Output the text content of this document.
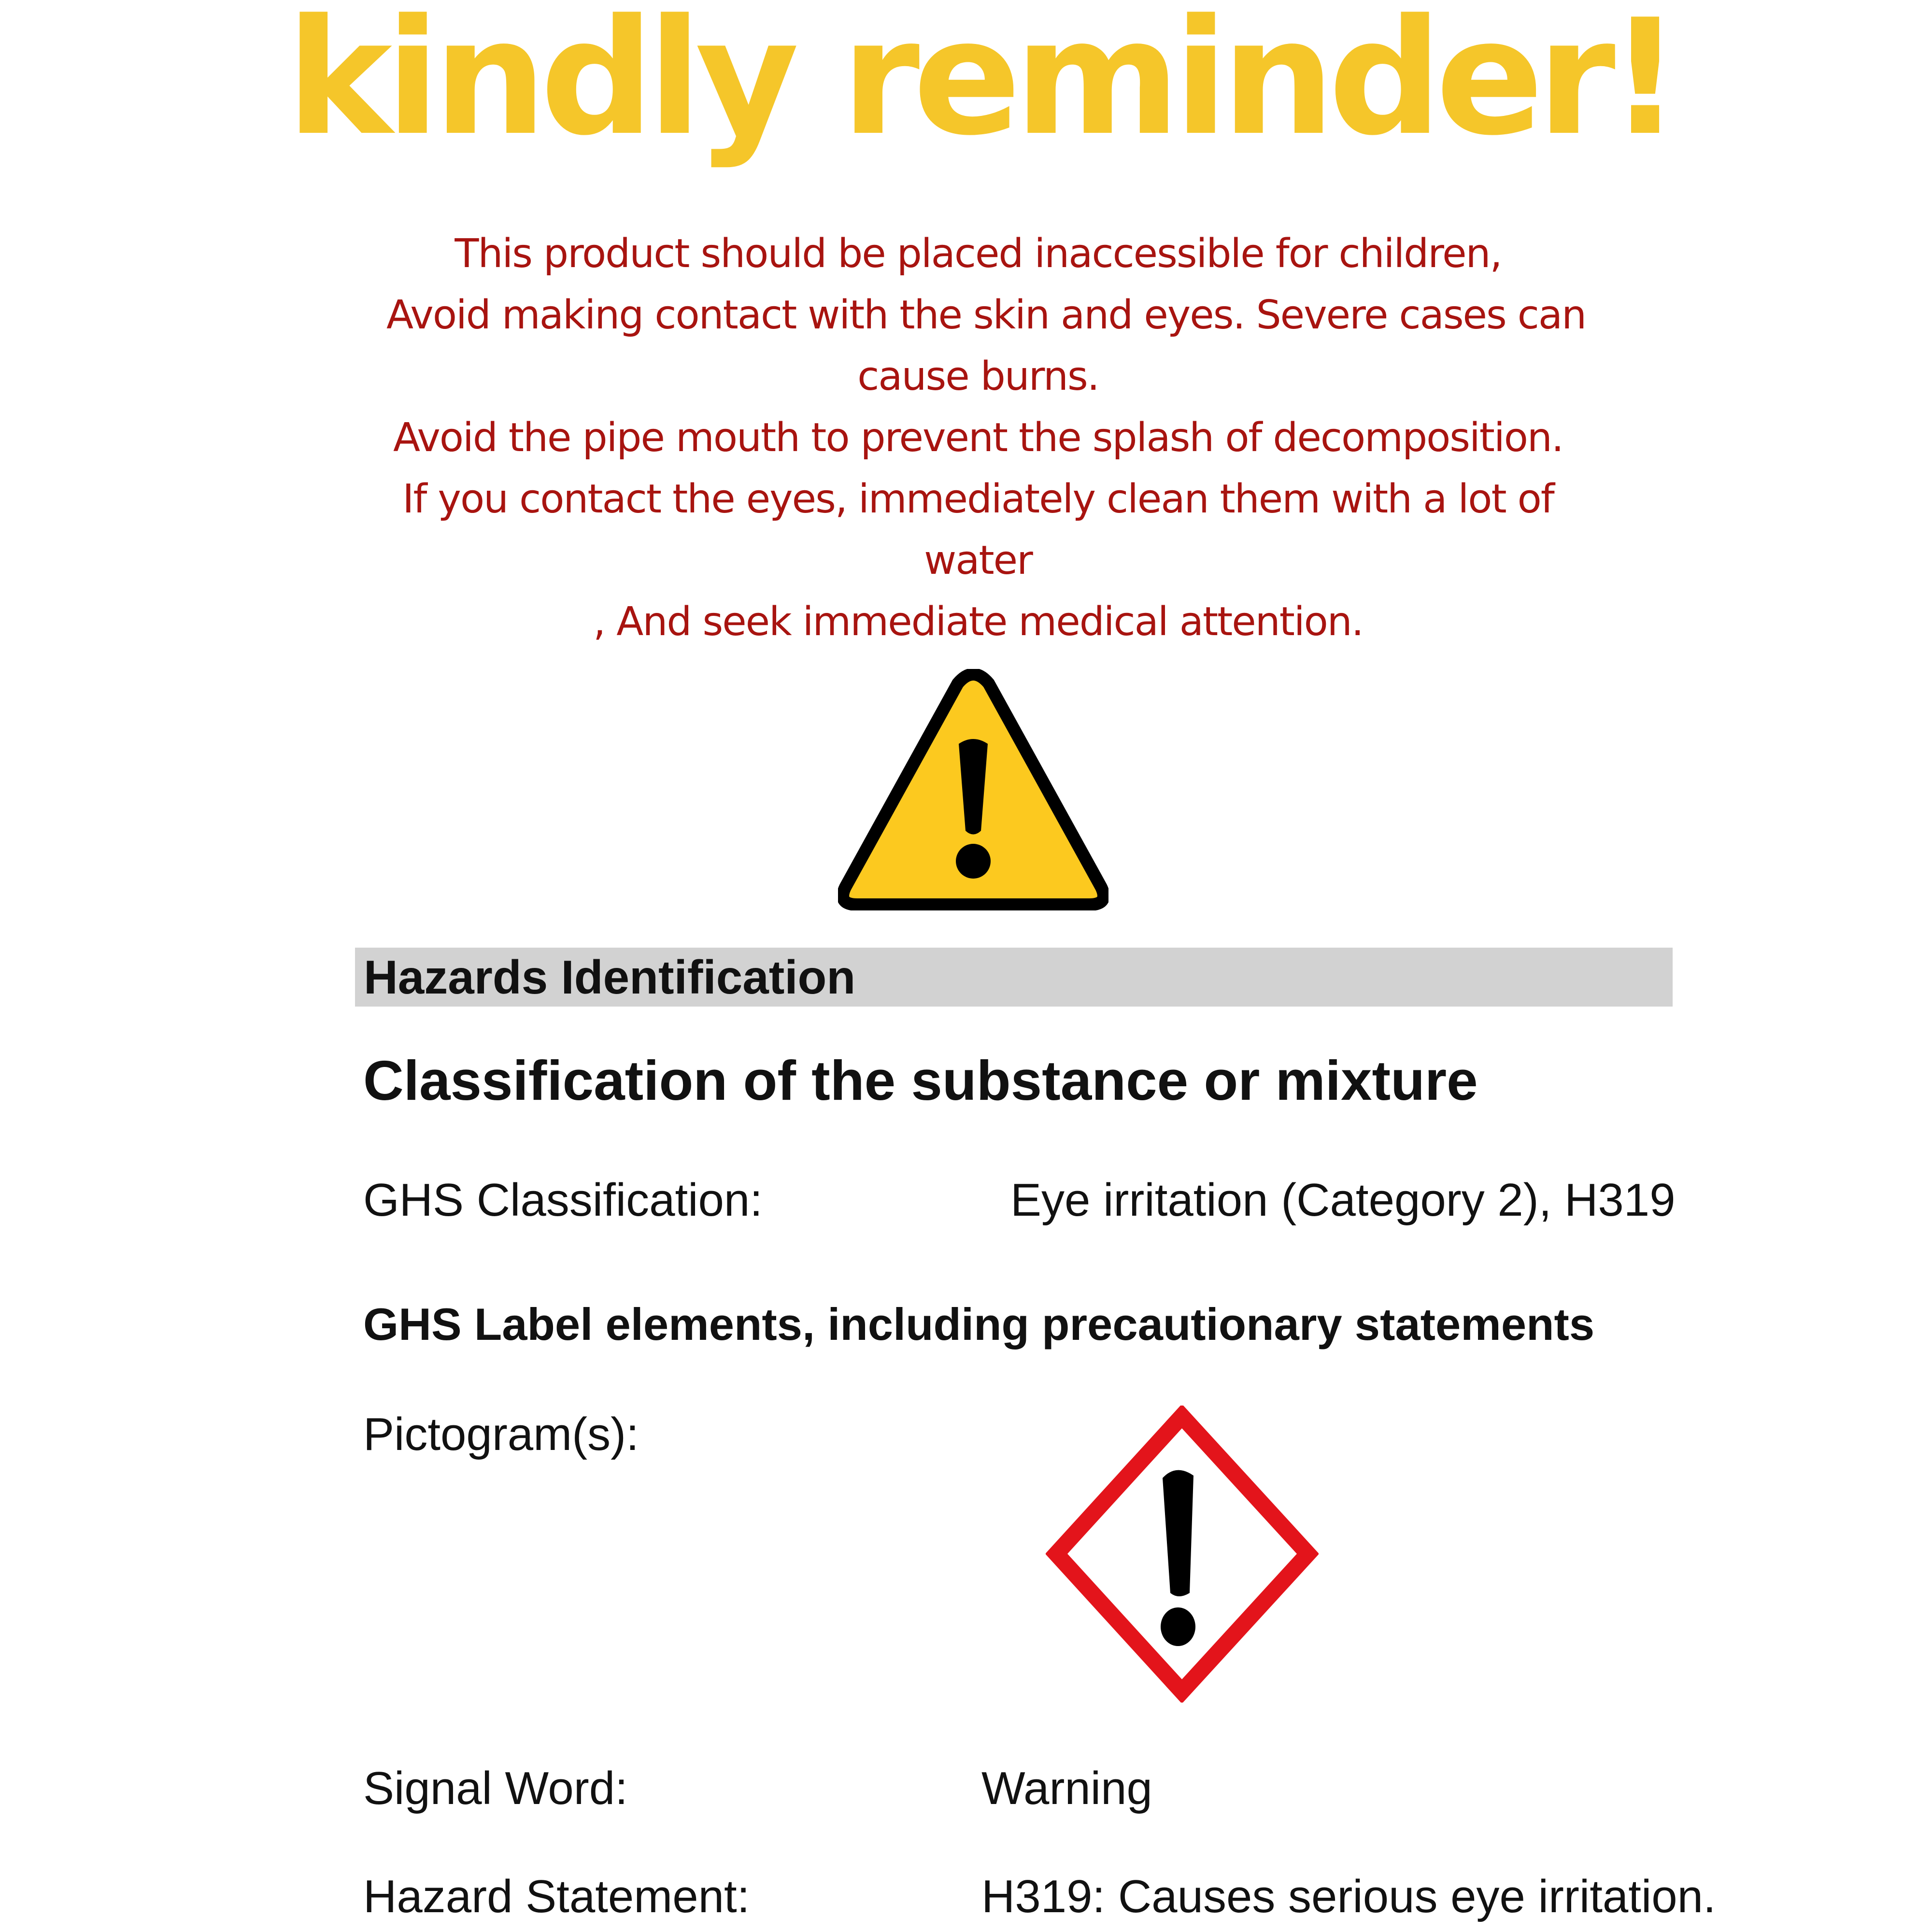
kindly reminder!
This product should be placed inaccessible for children,
Avoid making contact with the skin and eyes. Severe cases can
cause burns.
Avoid the pipe mouth to prevent the splash of decomposition.
If you contact the eyes, immediately clean them with a lot of
water
, And seek immediate medical attention.
Hazards Identification
Classification of the substance or mixture
GHS Classification:	Eye irritation (Category 2), H319
GHS Label elements, including precautionary statements
Pictogram(s):
Signal Word:	Warning
Hazard Statement:	H319: Causes serious eye irritation.
